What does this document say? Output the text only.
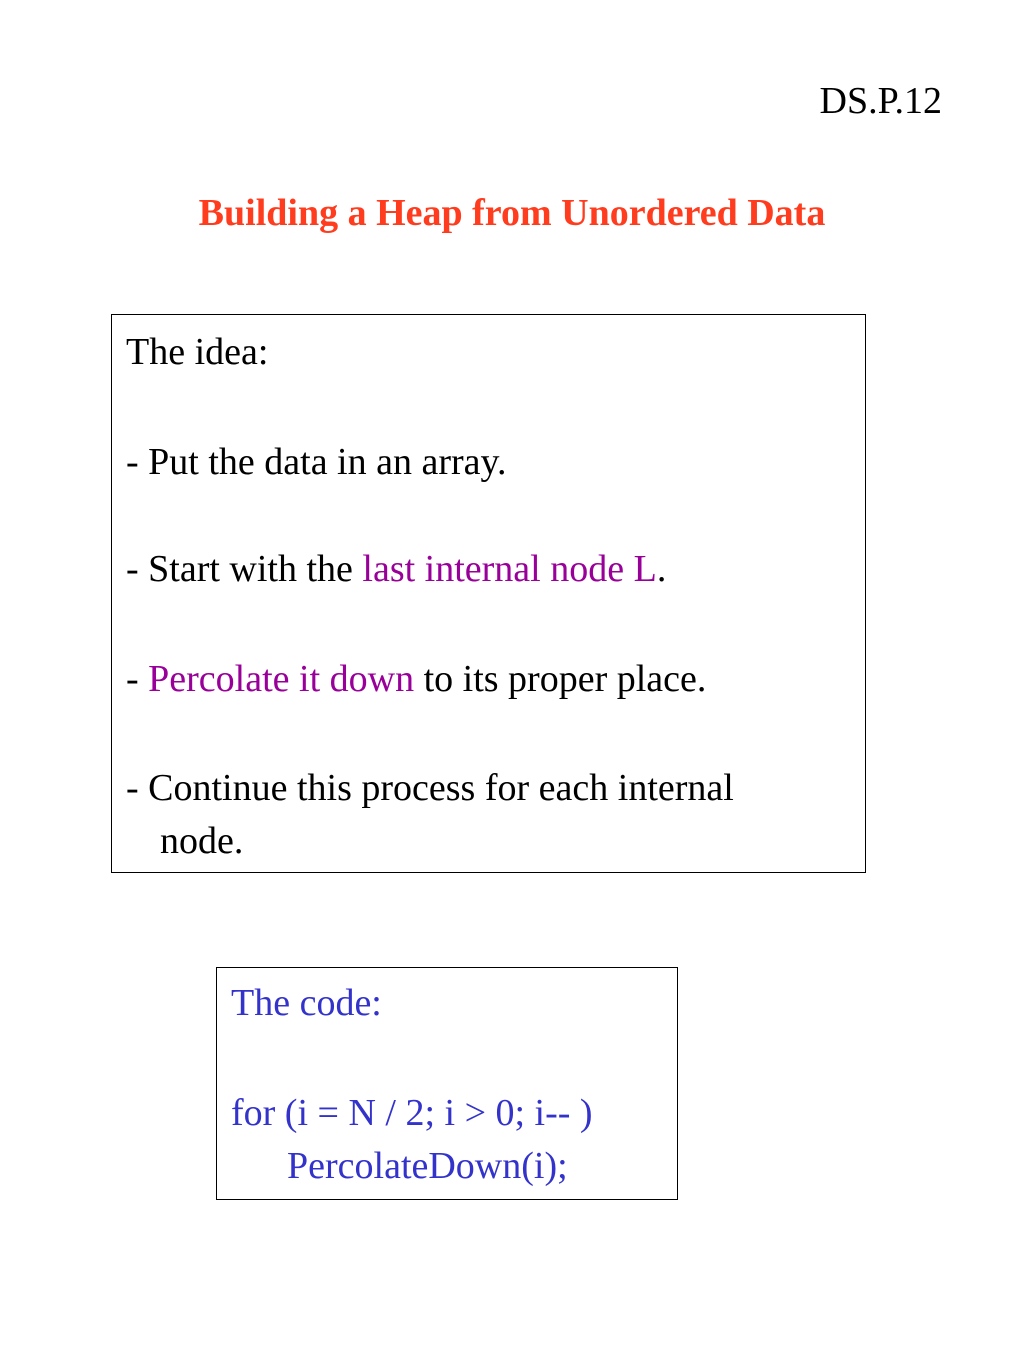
DS.P.12
Building a Heap from Unordered Data
The idea:
- Put the data in an array.
- Start with the last internal node L.
- Percolate it down to its proper place.
- Continue this process for each internal
node.
The code:
for (i = N / 2; i > 0; i-- )
PercolateDown(i);
